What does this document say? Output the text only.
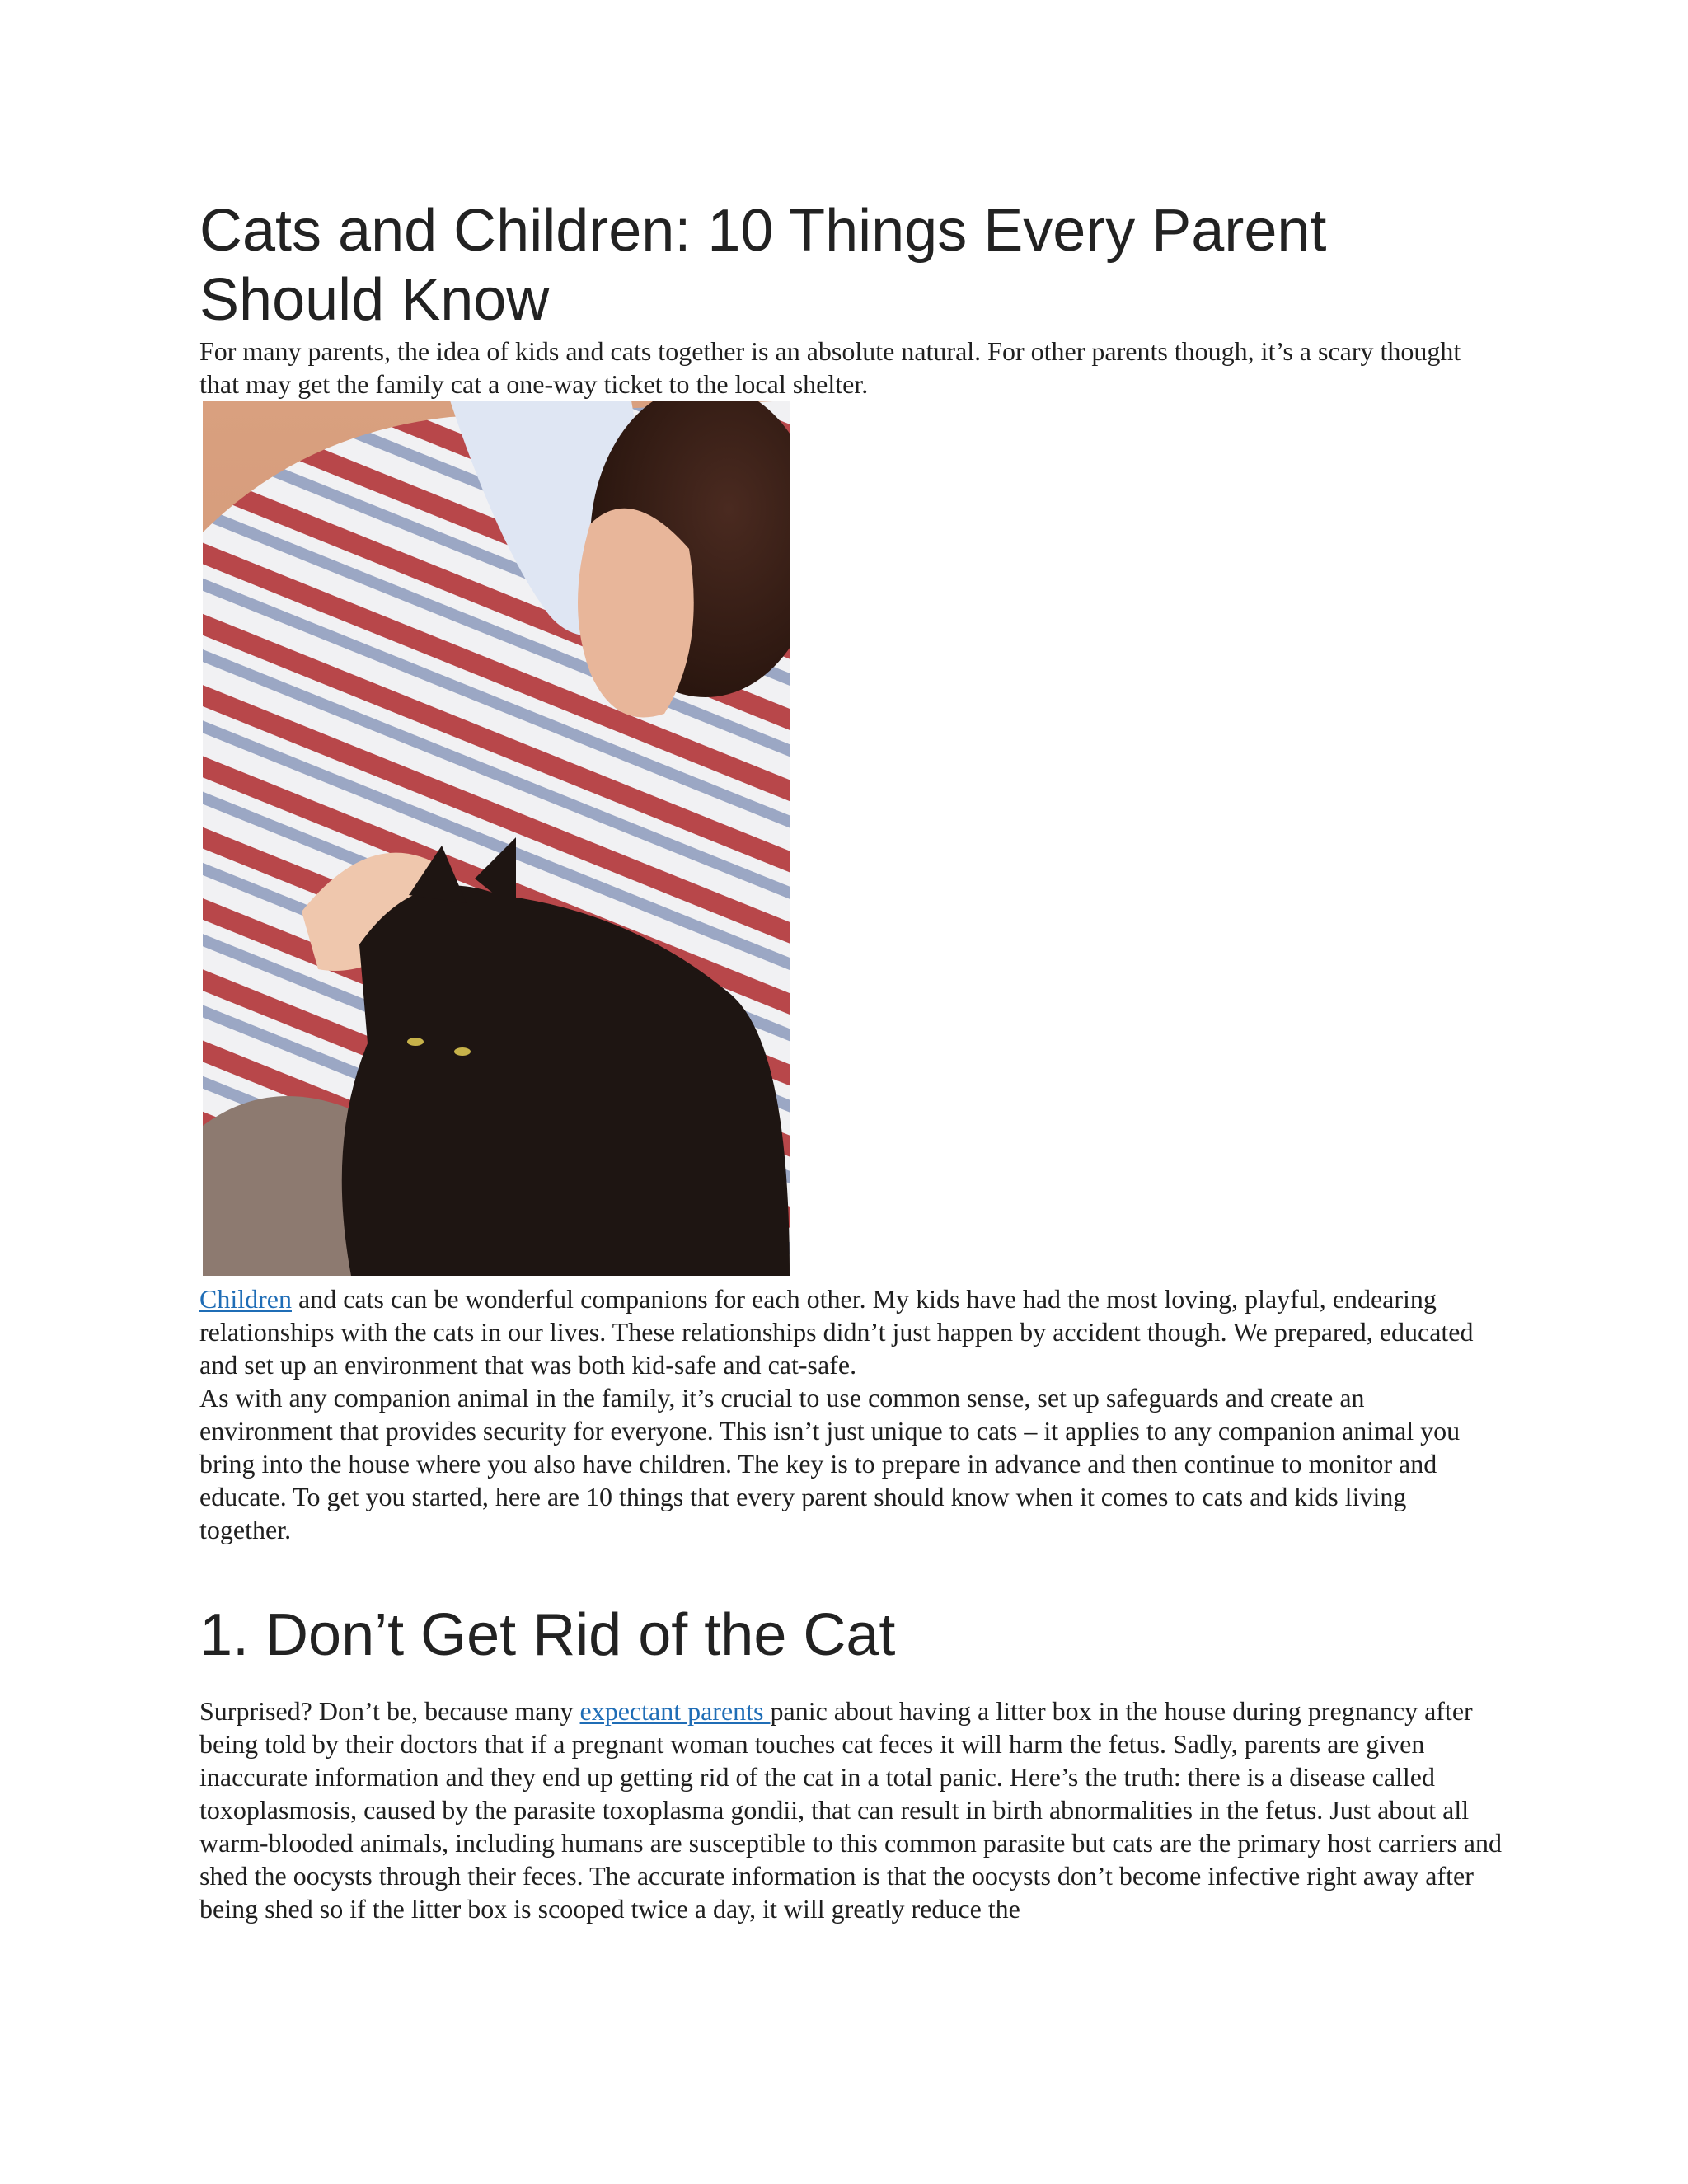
Cats and Children: 10 Things Every Parent Should Know

For many parents, the idea of kids and cats together is an absolute natural. For other parents though, it’s a scary thought that may get the family cat a one-way ticket to the local shelter.

Children and cats can be wonderful companions for each other. My kids have had the most loving, playful, endearing relationships with the cats in our lives. These relationships didn’t just happen by accident though. We prepared, educated and set up an environment that was both kid-safe and cat-safe.

As with any companion animal in the family, it’s crucial to use common sense, set up safeguards and create an environment that provides security for everyone. This isn’t just unique to cats – it applies to any companion animal you bring into the house where you also have children. The key is to prepare in advance and then continue to monitor and educate. To get you started, here are 10 things that every parent should know when it comes to cats and kids living together.

1. Don’t Get Rid of the Cat

Surprised? Don’t be, because many expectant parents panic about having a litter box in the house during pregnancy after being told by their doctors that if a pregnant woman touches cat feces it will harm the fetus. Sadly, parents are given inaccurate information and they end up getting rid of the cat in a total panic. Here’s the truth: there is a disease called toxoplasmosis, caused by the parasite toxoplasma gondii, that can result in birth abnormalities in the fetus. Just about all warm-blooded animals, including humans are susceptible to this common parasite but cats are the primary host carriers and shed the oocysts through their feces. The accurate information is that the oocysts don’t become infective right away after being shed so if the litter box is scooped twice a day, it will greatly reduce the
